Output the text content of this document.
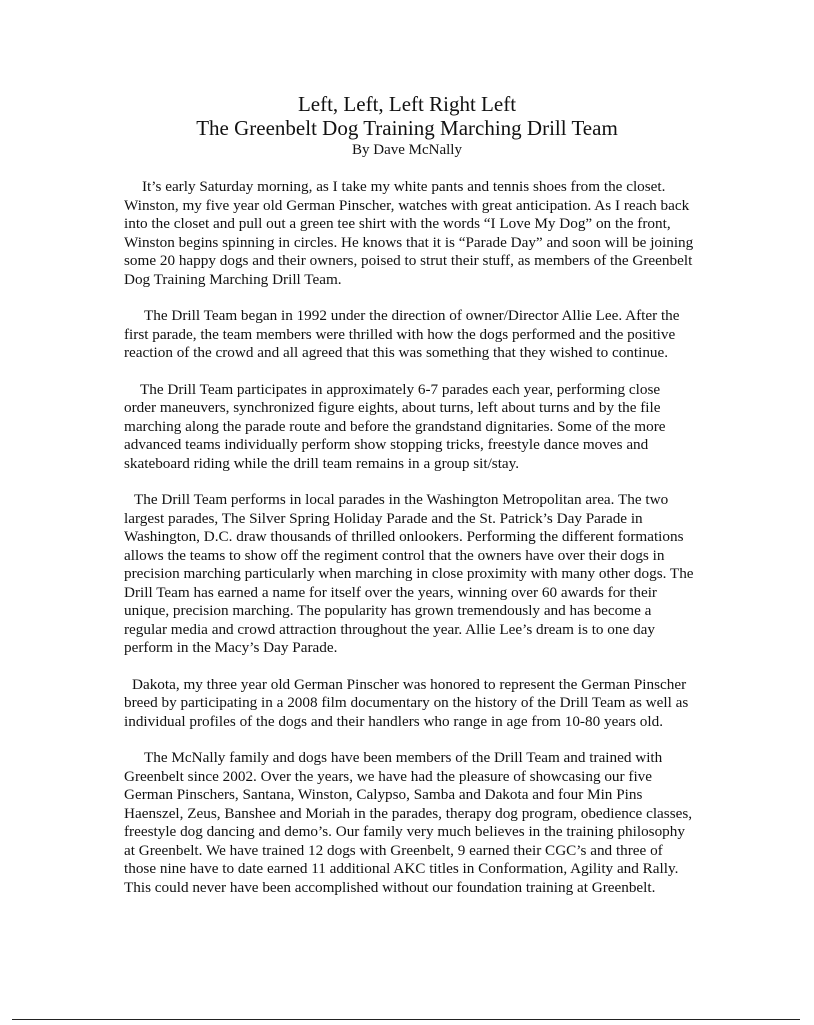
Left, Left, Left Right Left
The Greenbelt Dog Training Marching Drill Team
By Dave McNally

It’s early Saturday morning, as I take my white pants and tennis shoes from the closet. Winston, my five year old German Pinscher, watches with great anticipation. As I reach back into the closet and pull out a green tee shirt with the words “I Love My Dog” on the front, Winston begins spinning in circles. He knows that it is “Parade Day” and soon will be joining some 20 happy dogs and their owners, poised to strut their stuff, as members of the Greenbelt Dog Training Marching Drill Team.

The Drill Team began in 1992 under the direction of owner/Director Allie Lee. After the first parade, the team members were thrilled with how the dogs performed and the positive reaction of the crowd and all agreed that this was something that they wished to continue.

The Drill Team participates in approximately 6-7 parades each year, performing close order maneuvers, synchronized figure eights, about turns, left about turns and by the file marching along the parade route and before the grandstand dignitaries. Some of the more advanced teams individually perform show stopping tricks, freestyle dance moves and skateboard riding while the drill team remains in a group sit/stay.

The Drill Team performs in local parades in the Washington Metropolitan area. The two largest parades, The Silver Spring Holiday Parade and the St. Patrick’s Day Parade in Washington, D.C. draw thousands of thrilled onlookers. Performing the different formations allows the teams to show off the regiment control that the owners have over their dogs in precision marching particularly when marching in close proximity with many other dogs. The Drill Team has earned a name for itself over the years, winning over 60 awards for their unique, precision marching. The popularity has grown tremendously and has become a regular media and crowd attraction throughout the year. Allie Lee’s dream is to one day perform in the Macy’s Day Parade.

Dakota, my three year old German Pinscher was honored to represent the German Pinscher breed by participating in a 2008 film documentary on the history of the Drill Team as well as individual profiles of the dogs and their handlers who range in age from 10-80 years old.

The McNally family and dogs have been members of the Drill Team and trained with Greenbelt since 2002. Over the years, we have had the pleasure of showcasing our five German Pinschers, Santana, Winston, Calypso, Samba and Dakota and four Min Pins Haenszel, Zeus, Banshee and Moriah in the parades, therapy dog program, obedience classes, freestyle dog dancing and demo’s. Our family very much believes in the training philosophy at Greenbelt. We have trained 12 dogs with Greenbelt, 9 earned their CGC’s and three of those nine have to date earned 11 additional AKC titles in Conformation, Agility and Rally. This could never have been accomplished without our foundation training at Greenbelt.
